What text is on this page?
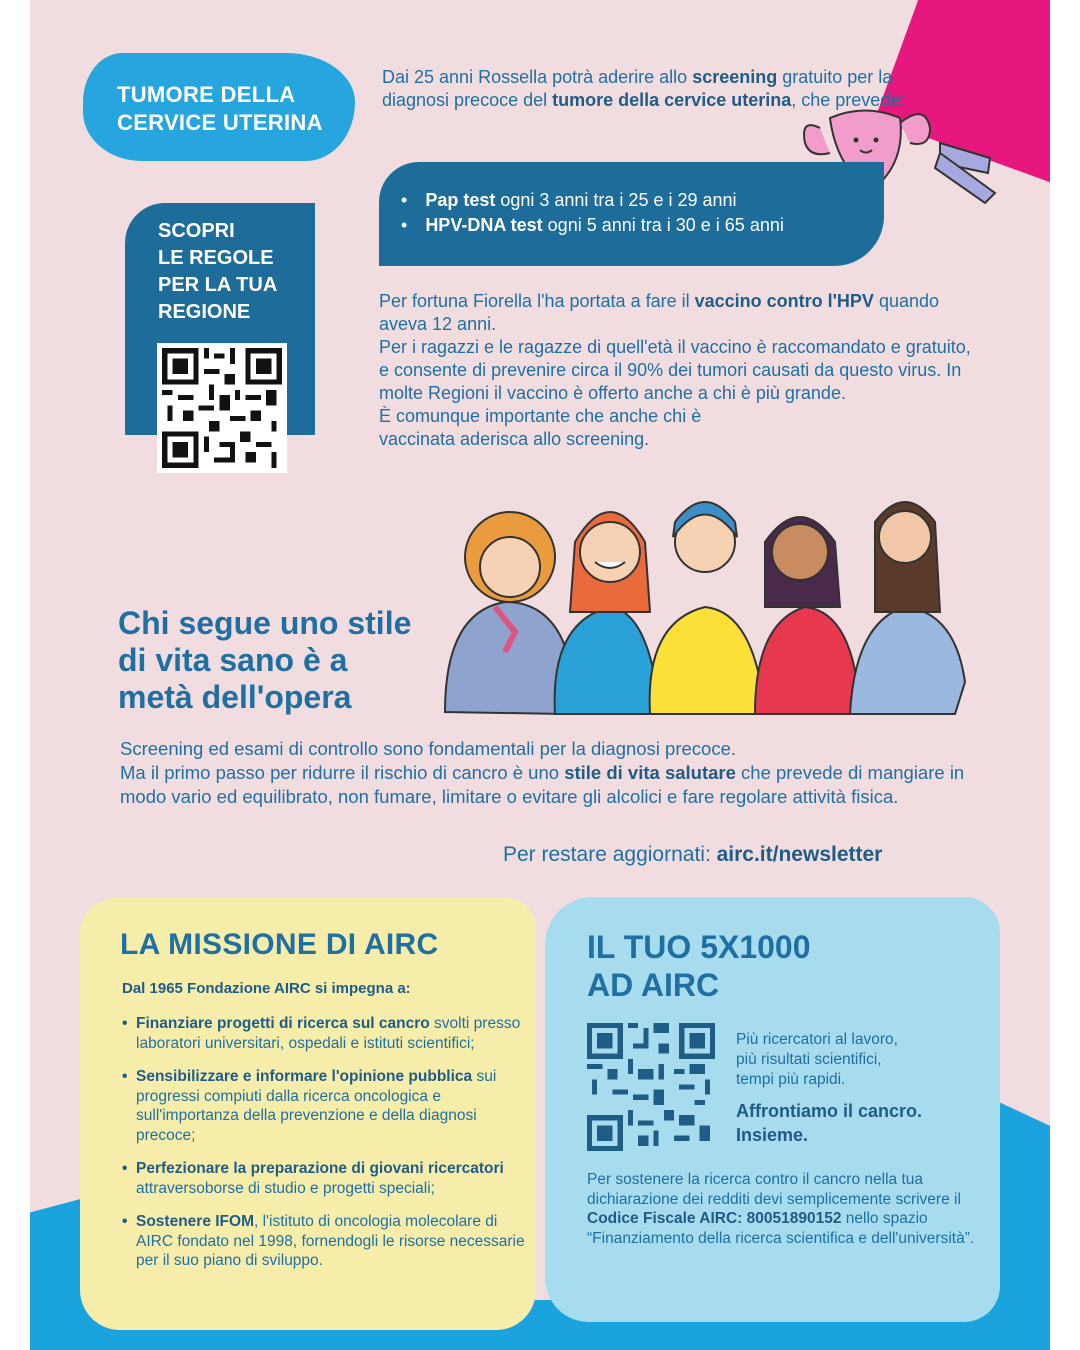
TUMORE DELLA
CERVICE UTERINA
Dai 25 anni Rossella potrà aderire allo screening gratuito per la diagnosi precoce del tumore della cervice uterina, che prevede:
• Pap test ogni 3 anni tra i 25 e i 29 anni
• HPV-DNA test ogni 5 anni tra i 30 e i 65 anni
SCOPRI
LE REGOLE
PER LA TUA
REGIONE	Per fortuna Fiorella l'ha portata a fare il vaccino contro l'HPV quando aveva 12 anni.
Per i ragazzi e le ragazze di quell'età il vaccino è raccomandato e gratuito, e consente di prevenire circa il 90% dei tumori causati da questo virus. In molte Regioni il vaccino è offerto anche a chi è più grande.
È comunque importante che anche chi è vaccinata aderisca allo screening.
Chi segue uno stile
di vita sano è a
metà dell'opera
Screening ed esami di controllo sono fondamentali per la diagnosi precoce.
Ma il primo passo per ridurre il rischio di cancro è uno stile di vita salutare che prevede di mangiare in modo vario ed equilibrato, non fumare, limitare o evitare gli alcolici e fare regolare attività fisica.
Per restare aggiornati: airc.it/newsletter
LA MISSIONE DI AIRC
Dal 1965 Fondazione AIRC si impegna a:
• Finanziare progetti di ricerca sul cancro svolti presso laboratori universitari, ospedali e istituti scientifici;
• Sensibilizzare e informare l'opinione pubblica sui progressi compiuti dalla ricerca oncologica e sull'importanza della prevenzione e della diagnosi precoce;
• Perfezionare la preparazione di giovani ricercatori attraversoborse di studio e progetti speciali;
• Sostenere IFOM, l'istituto di oncologia molecolare di AIRC fondato nel 1998, fornendogli le risorse necessarie per il suo piano di sviluppo.
IL TUO 5X1000
AD AIRC
Più ricercatori al lavoro,
più risultati scientifici,
tempi più rapidi.
Affrontiamo il cancro.
Insieme.
Per sostenere la ricerca contro il cancro nella tua dichiarazione dei redditi devi semplicemente scrivere il Codice Fiscale AIRC: 80051890152 nello spazio “Finanziamento della ricerca scientifica e dell'università”.
